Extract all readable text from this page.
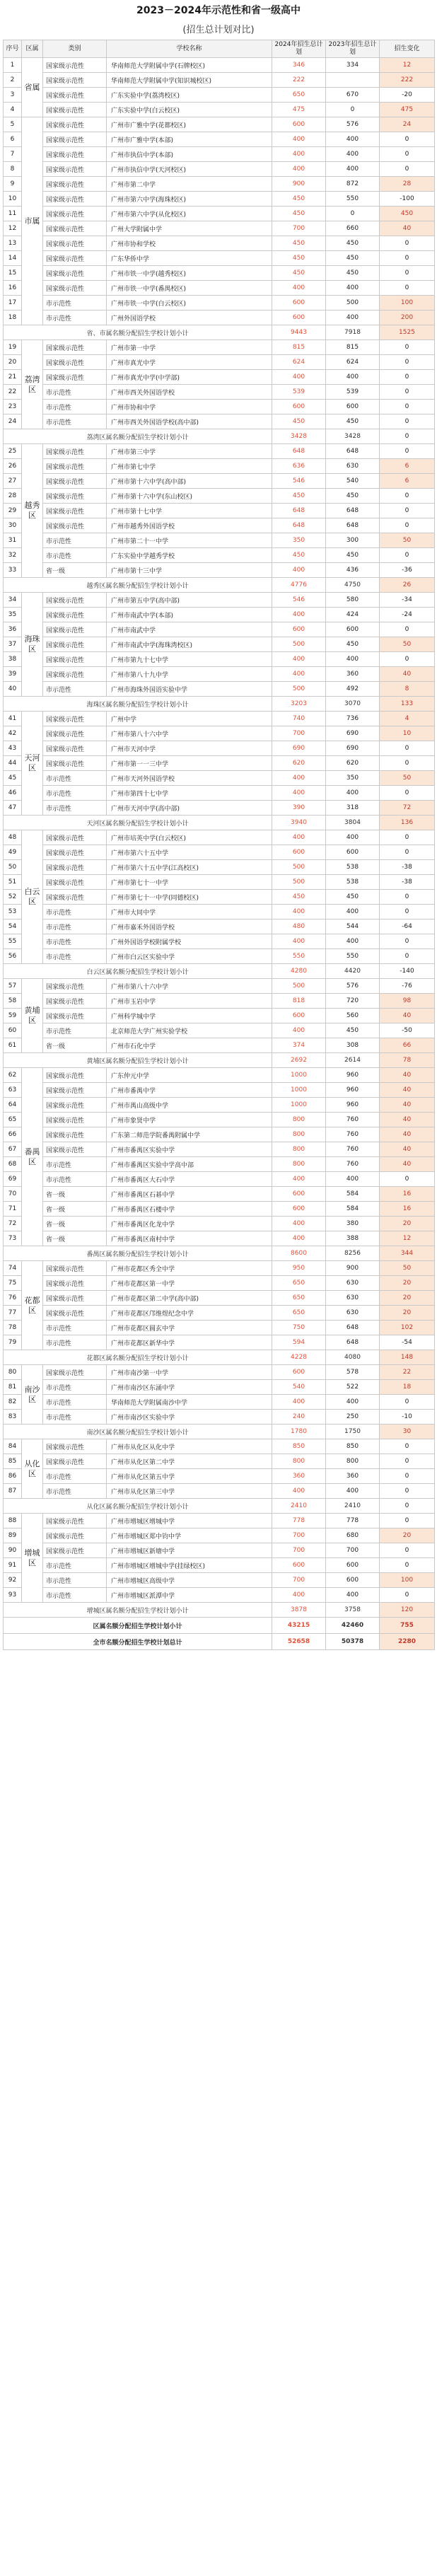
2023－2024年示范性和省一级高中
(招生总计划对比)
序号	区属	类别	学校名称	2024年招生总计划	2023年招生总计划	招生变化
1	省属	国家级示范性	华南师范大学附属中学(石牌校区)	346	334	12
2		国家级示范性	华南师范大学附属中学(知识城校区)	222		222
3		国家级示范性	广东实验中学(荔湾校区)	650	670	-20
4		国家级示范性	广东实验中学(白云校区)	475	0	475
5	市属	国家级示范性	广州市广雅中学(花都校区)	600	576	24
6		国家级示范性	广州市广雅中学(本部)	400	400	0
7		国家级示范性	广州市执信中学(本部)	400	400	0
8		国家级示范性	广州市执信中学(天河校区)	400	400	0
9		国家级示范性	广州市第二中学	900	872	28
10		国家级示范性	广州市第六中学(海珠校区)	450	550	-100
11		国家级示范性	广州市第六中学(从化校区)	450	0	450
12		国家级示范性	广州大学附属中学	700	660	40
13		国家级示范性	广州市协和学校	450	450	0
14		国家级示范性	广东华侨中学	450	450	0
15		国家级示范性	广州市铁一中学(越秀校区)	450	450	0
16		国家级示范性	广州市铁一中学(番禺校区)	400	400	0
17		市示范性	广州市铁一中学(白云校区)	600	500	100
18		市示范性	广州外国语学校	600	400	200
省、市属名额分配招生学校计划小计				9443	7918	1525
19	荔湾区	国家级示范性	广州市第一中学	815	815	0
20		国家级示范性	广州市真光中学	624	624	0
21		国家级示范性	广州市真光中学(中学部)	400	400	0
22		市示范性	广州市西关外国语学校	539	539	0
23		市示范性	广州市协和中学	600	600	0
24		市示范性	广州市西关外国语学校(高中部)	450	450	0
荔湾区属名额分配招生学校计划小计				3428	3428	0
25	越秀区	国家级示范性	广州市第三中学	648	648	0
26		国家级示范性	广州市第七中学	636	630	6
27		国家级示范性	广州市第十六中学(高中部)	546	540	6
28		国家级示范性	广州市第十六中学(东山校区)	450	450	0
29		国家级示范性	广州市第十七中学	648	648	0
30		国家级示范性	广州市越秀外国语学校	648	648	0
31		市示范性	广州市第二十一中学	350	300	50
32		市示范性	广东实验中学越秀学校	450	450	0
33		省一级	广州市第十三中学	400	436	-36
越秀区属名额分配招生学校计划小计				4776	4750	26
34	海珠区	国家级示范性	广州市第五中学(高中部)	546	580	-34
35		国家级示范性	广州市南武中学(本部)	400	424	-24
36		国家级示范性	广州市南武中学	600	600	0
37		国家级示范性	广州市南武中学(海珠湾校区)	500	450	50
38		国家级示范性	广州市第九十七中学	400	400	0
39		国家级示范性	广州市第八十九中学	400	360	40
40		市示范性	广州市海珠外国语实验中学	500	492	8
海珠区属名额分配招生学校计划小计				3203	3070	133
41	天河区	国家级示范性	广州中学	740	736	4
42		国家级示范性	广州市第八十六中学	700	690	10
43		国家级示范性	广州市天河中学	690	690	0
44		国家级示范性	广州市第一一三中学	620	620	0
45		市示范性	广州市天河外国语学校	400	350	50
46		市示范性	广州市第四十七中学	400	400	0
47		市示范性	广州市天河中学(高中部)	390	318	72
天河区属名额分配招生学校计划小计				3940	3804	136
48	白云区	国家级示范性	广州市培英中学(白云校区)	400	400	0
49		国家级示范性	广州市第六十五中学	600	600	0
50		国家级示范性	广州市第六十五中学(江高校区)	500	538	-38
51		国家级示范性	广州市第七十一中学	500	538	-38
52		国家级示范性	广州市第七十一中学(同德校区)	450	450	0
53		市示范性	广州市大同中学	400	400	0
54		市示范性	广州市嘉禾外国语学校	480	544	-64
55		市示范性	广州外国语学校附属学校	400	400	0
56		市示范性	广州市白云区实验中学	550	550	0
白云区属名额分配招生学校计划小计				4280	4420	-140
57	黄埔区	国家级示范性	广州市第八十六中学	500	576	-76
58		国家级示范性	广州市玉岩中学	818	720	98
59		国家级示范性	广州科学城中学	600	560	40
60		市示范性	北京师范大学广州实验学校	400	450	-50
61		省一级	广州市石化中学	374	308	66
黄埔区属名额分配招生学校计划小计				2692	2614	78
62	番禺区	国家级示范性	广东仲元中学	1000	960	40
63		国家级示范性	广州市番禺中学	1000	960	40
64		国家级示范性	广州市禺山高级中学	1000	960	40
65		国家级示范性	广州市象贤中学	800	760	40
66		国家级示范性	广东第二师范学院番禺附属中学	800	760	40
67		国家级示范性	广州市番禺区实验中学	800	760	40
68		市示范性	广州市番禺区实验中学高中部	800	760	40
69		市示范性	广州市番禺区大石中学	400	400	0
70		省一级	广州市番禺区石碁中学	600	584	16
71		省一级	广州市番禺区石楼中学	600	584	16
72		省一级	广州市番禺区化龙中学	400	380	20
73		省一级	广州市番禺区南村中学	400	388	12
番禺区属名额分配招生学校计划小计				8600	8256	344
74	花都区	国家级示范性	广州市花都区秀全中学	950	900	50
75		国家级示范性	广州市花都区第一中学	650	630	20
76		国家级示范性	广州市花都区第二中学(高中部)	650	630	20
77		国家级示范性	广州市花都区邝维煜纪念中学	650	630	20
78		市示范性	广州市花都区圆玄中学	750	648	102
79		市示范性	广州市花都区新华中学	594	648	-54
花都区属名额分配招生学校计划小计				4228	4080	148
80	南沙区	国家级示范性	广州市南沙第一中学	600	578	22
81		市示范性	广州市南沙区东涌中学	540	522	18
82		市示范性	华南师范大学附属南沙中学	400	400	0
83		市示范性	广州市南沙区实验中学	240	250	-10
南沙区属名额分配招生学校计划小计				1780	1750	30
84	从化区	国家级示范性	广州市从化区从化中学	850	850	0
85		国家级示范性	广州市从化区第二中学	800	800	0
86		市示范性	广州市从化区第五中学	360	360	0
87		市示范性	广州市从化区第三中学	400	400	0
从化区属名额分配招生学校计划小计				2410	2410	0
88	增城区	国家级示范性	广州市增城区增城中学	778	778	0
89		国家级示范性	广州市增城区郑中钧中学	700	680	20
90		国家级示范性	广州市增城区新塘中学	700	700	0
91		市示范性	广州市增城区增城中学(挂绿校区)	600	600	0
92		市示范性	广州市增城区高级中学	700	600	100
93		市示范性	广州市增城区派潭中学	400	400	0
增城区属名额分配招生学校计划小计				3878	3758	120
区属名额分配招生学校计划小计				43215	42460	755
全市名额分配招生学校计划总计				52658	50378	2280
